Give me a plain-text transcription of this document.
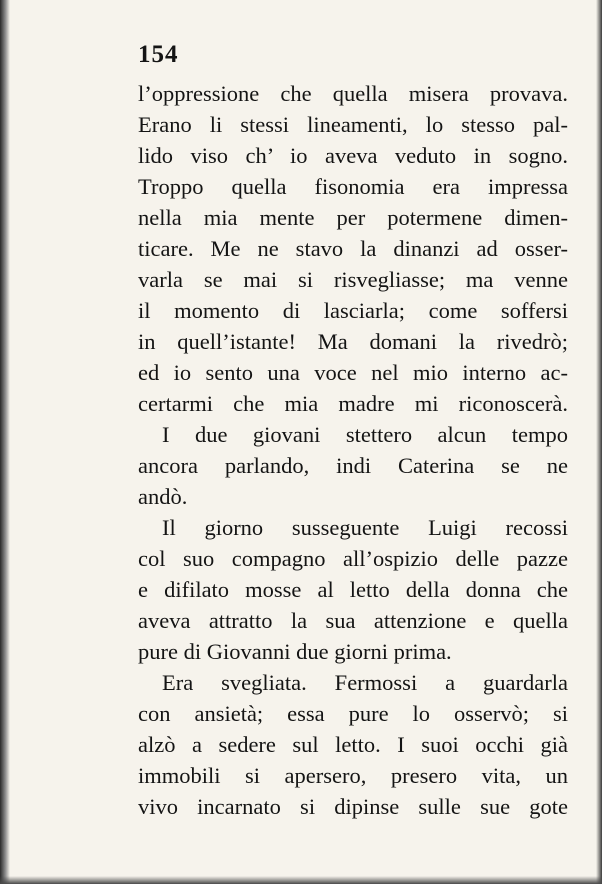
154
l’oppressione che quella misera provava.
Erano li stessi lineamenti, lo stesso pal-
lido viso ch’ io aveva veduto in sogno.
Troppo quella fisonomia era impressa
nella mia mente per potermene dimen-
ticare. Me ne stavo la dinanzi ad osser-
varla se mai si risvegliasse; ma venne
il momento di lasciarla; come soffersi
in quell’istante! Ma domani la rivedrò;
ed io sento una voce nel mio interno ac-
certarmi che mia madre mi riconoscerà.
I due giovani stettero alcun tempo
ancora parlando, indi Caterina se ne
andò.
Il giorno susseguente Luigi recossi
col suo compagno all’ospizio delle pazze
e difilato mosse al letto della donna che
aveva attratto la sua attenzione e quella
pure di Giovanni due giorni prima.
Era svegliata. Fermossi a guardarla
con ansietà; essa pure lo osservò; si
alzò a sedere sul letto. I suoi occhi già
immobili si apersero, presero vita, un
vivo incarnato si dipinse sulle sue gote
